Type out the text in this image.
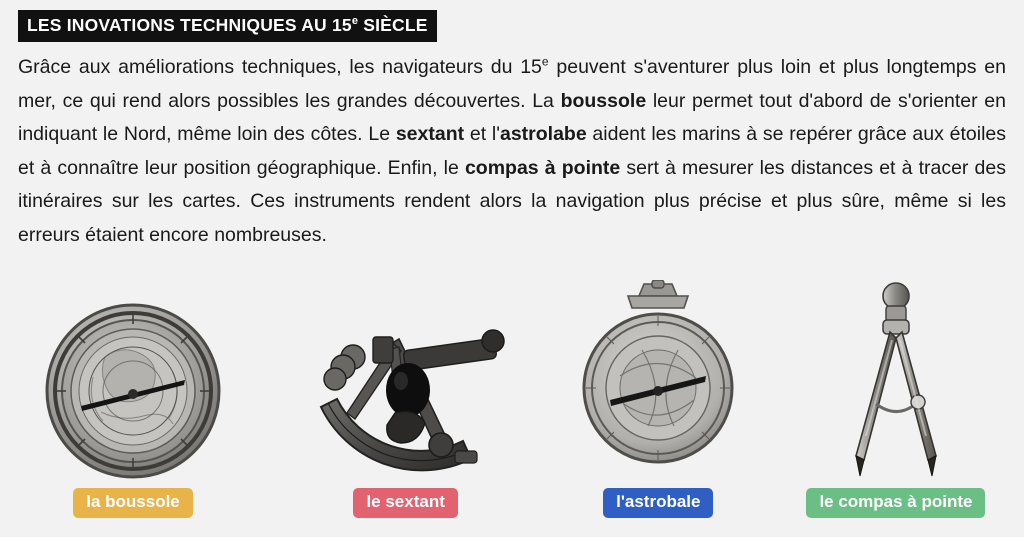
LES INOVATIONS TECHNIQUES AU 15e SIÈCLE
Grâce aux améliorations techniques, les navigateurs du 15e peuvent s'aventurer plus loin et plus longtemps en mer, ce qui rend alors possibles les grandes découvertes. La boussole leur permet tout d'abord de s'orienter en indiquant le Nord, même loin des côtes. Le sextant et l'astrolabe aident les marins à se repérer grâce aux étoiles et à connaître leur position géographique. Enfin, le compas à pointe sert à mesurer les distances et à tracer des itinéraires sur les cartes. Ces instruments rendent alors la navigation plus précise et plus sûre, même si les erreurs étaient encore nombreuses.
la boussole	le sextant	l'astrobale	le compas à pointe
